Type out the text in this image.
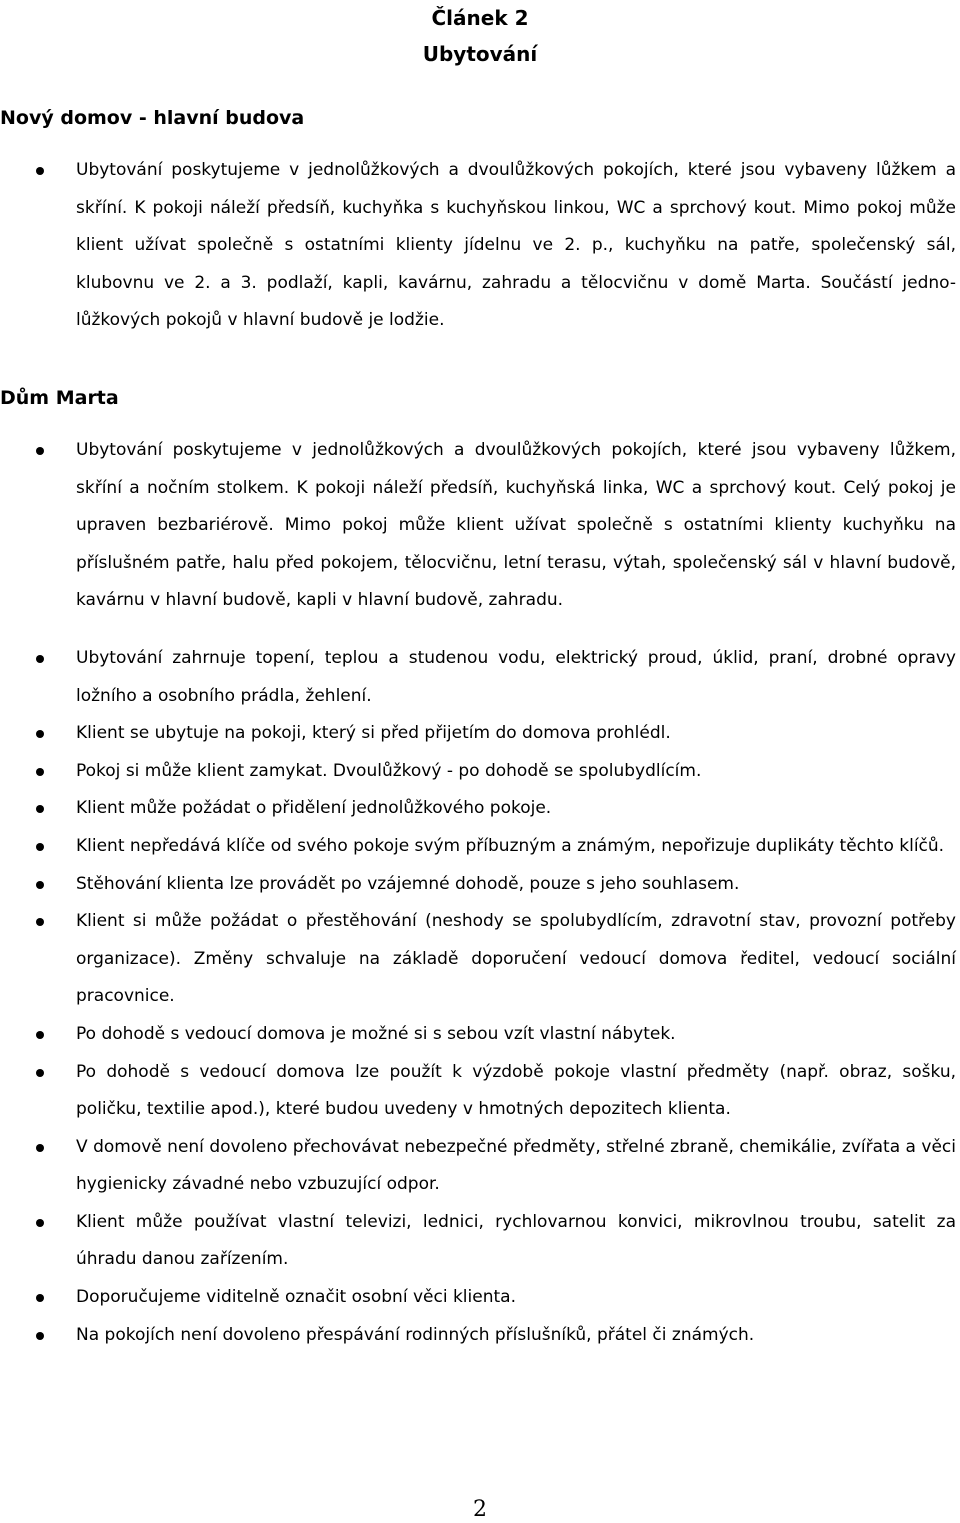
Článek 2
Ubytování
Nový domov - hlavní budova
Ubytování poskytujeme v jednolůžkových a dvoulůžkových pokojích, které jsou vybaveny lůžkem a skříní. K pokoji náleží předsíň, kuchyňka s kuchyňskou linkou, WC a sprchový kout. Mimo pokoj může klient užívat společně s ostatními klienty jídelnu ve 2. p., kuchyňku na patře, společenský sál, klubovnu ve 2. a 3. podlaží, kapli, kavárnu, zahradu a tělocvičnu v domě Marta. Součástí jedno-lůžkových pokojů v hlavní budově je lodžie.
Dům Marta
Ubytování poskytujeme v jednolůžkových a dvoulůžkových pokojích, které jsou vybaveny lůžkem, skříní a nočním stolkem. K pokoji náleží předsíň, kuchyňská linka, WC a sprchový kout. Celý pokoj je upraven bezbariérově. Mimo pokoj může klient užívat společně s ostatními klienty kuchyňku na příslušném patře, halu před pokojem, tělocvičnu, letní terasu, výtah, společenský sál v hlavní budově, kavárnu v hlavní budově, kapli v hlavní budově, zahradu.
Ubytování zahrnuje topení, teplou a studenou vodu, elektrický proud, úklid, praní, drobné opravy ložního a osobního prádla, žehlení.
Klient se ubytuje na pokoji, který si před přijetím do domova prohlédl.
Pokoj si může klient zamykat. Dvoulůžkový - po dohodě se spolubydlícím.
Klient může požádat o přidělení jednolůžkového pokoje.
Klient nepředává klíče od svého pokoje svým příbuzným a známým, nepořizuje duplikáty těchto klíčů.
Stěhování klienta lze provádět po vzájemné dohodě, pouze s jeho souhlasem.
Klient si může požádat o přestěhování (neshody se spolubydlícím, zdravotní stav, provozní potřeby organizace). Změny schvaluje na základě doporučení vedoucí domova ředitel, vedoucí sociální pracovnice.
Po dohodě s vedoucí domova je možné si s sebou vzít vlastní nábytek.
Po dohodě s vedoucí domova lze použít k výzdobě pokoje vlastní předměty (např. obraz, sošku, poličku, textilie apod.), které budou uvedeny v hmotných depozitech klienta.
V domově není dovoleno přechovávat nebezpečné předměty, střelné zbraně, chemikálie, zvířata a věci hygienicky závadné nebo vzbuzující odpor.
Klient může používat vlastní televizi, lednici, rychlovarnou konvici, mikrovlnou troubu, satelit za úhradu danou zařízením.
Doporučujeme viditelně označit osobní věci klienta.
Na pokojích není dovoleno přespávání rodinných příslušníků, přátel či známých.

2
